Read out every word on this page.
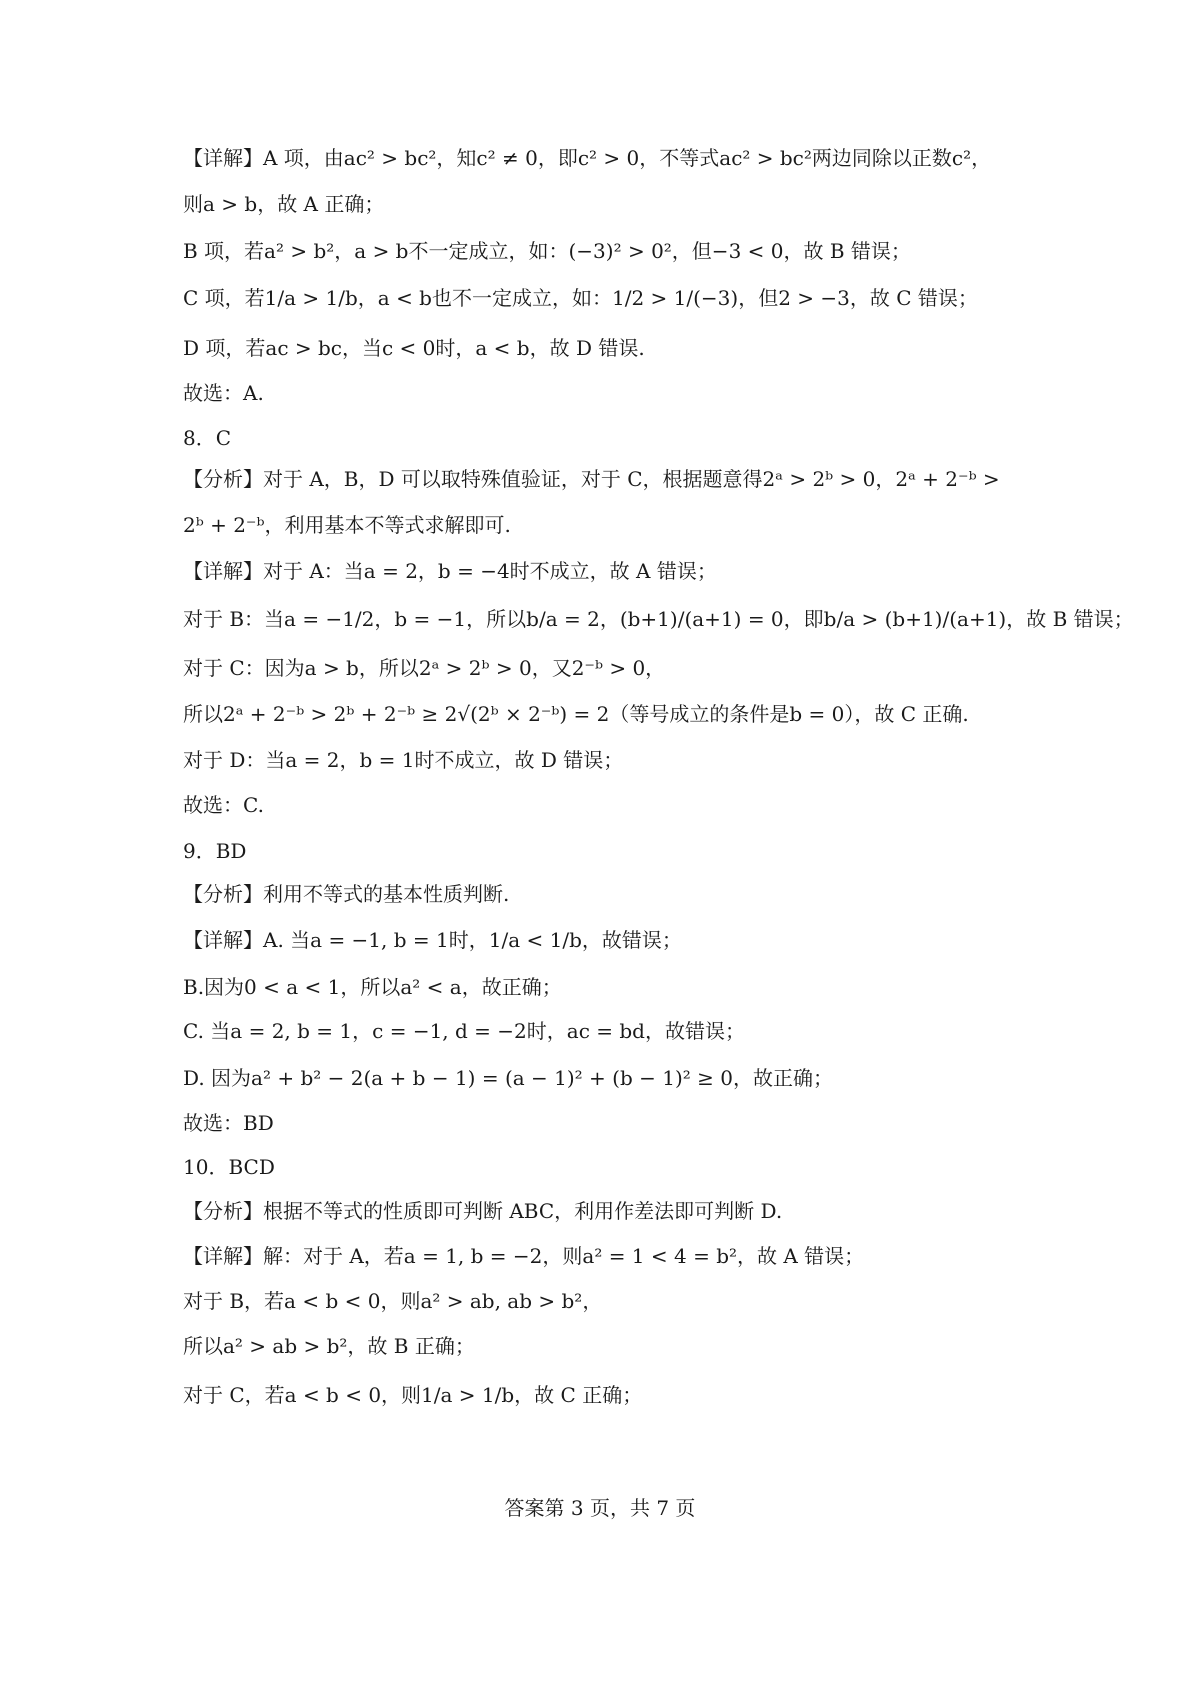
【详解】A 项，由ac² > bc²，知c² ≠ 0，即c² > 0，不等式ac² > bc²两边同除以正数c²，
则a > b，故 A 正确；
B 项，若a² > b²，a > b不一定成立，如：(−3)² > 0²，但−3 < 0，故 B 错误；
C 项，若1/a > 1/b，a < b也不一定成立，如：1/2 > 1/(−3)，但2 > −3，故 C 错误；
D 项，若ac > bc，当c < 0时，a < b，故 D 错误.
故选：A.
8．C
【分析】对于 A，B，D 可以取特殊值验证，对于 C，根据题意得2ᵃ > 2ᵇ > 0，2ᵃ + 2⁻ᵇ >
2ᵇ + 2⁻ᵇ，利用基本不等式求解即可.
【详解】对于 A：当a = 2，b = −4时不成立，故 A 错误；
对于 B：当a = −1/2，b = −1，所以b/a = 2，(b+1)/(a+1) = 0，即b/a > (b+1)/(a+1)，故 B 错误；
对于 C：因为a > b，所以2ᵃ > 2ᵇ > 0，又2⁻ᵇ > 0，
所以2ᵃ + 2⁻ᵇ > 2ᵇ + 2⁻ᵇ ≥ 2√(2ᵇ × 2⁻ᵇ) = 2（等号成立的条件是b = 0），故 C 正确.
对于 D：当a = 2，b = 1时不成立，故 D 错误；
故选：C.
9．BD
【分析】利用不等式的基本性质判断.
【详解】A. 当a = −1, b = 1时，1/a < 1/b，故错误；
B.因为0 < a < 1，所以a² < a，故正确；
C. 当a = 2, b = 1，c = −1, d = −2时，ac = bd，故错误；
D. 因为a² + b² − 2(a + b − 1) = (a − 1)² + (b − 1)² ≥ 0，故正确；
故选：BD
10．BCD
【分析】根据不等式的性质即可判断 ABC，利用作差法即可判断 D.
【详解】解：对于 A，若a = 1, b = −2，则a² = 1 < 4 = b²，故 A 错误；
对于 B，若a < b < 0，则a² > ab, ab > b²，
所以a² > ab > b²，故 B 正确；
对于 C，若a < b < 0，则1/a > 1/b，故 C 正确；
答案第 3 页，共 7 页
